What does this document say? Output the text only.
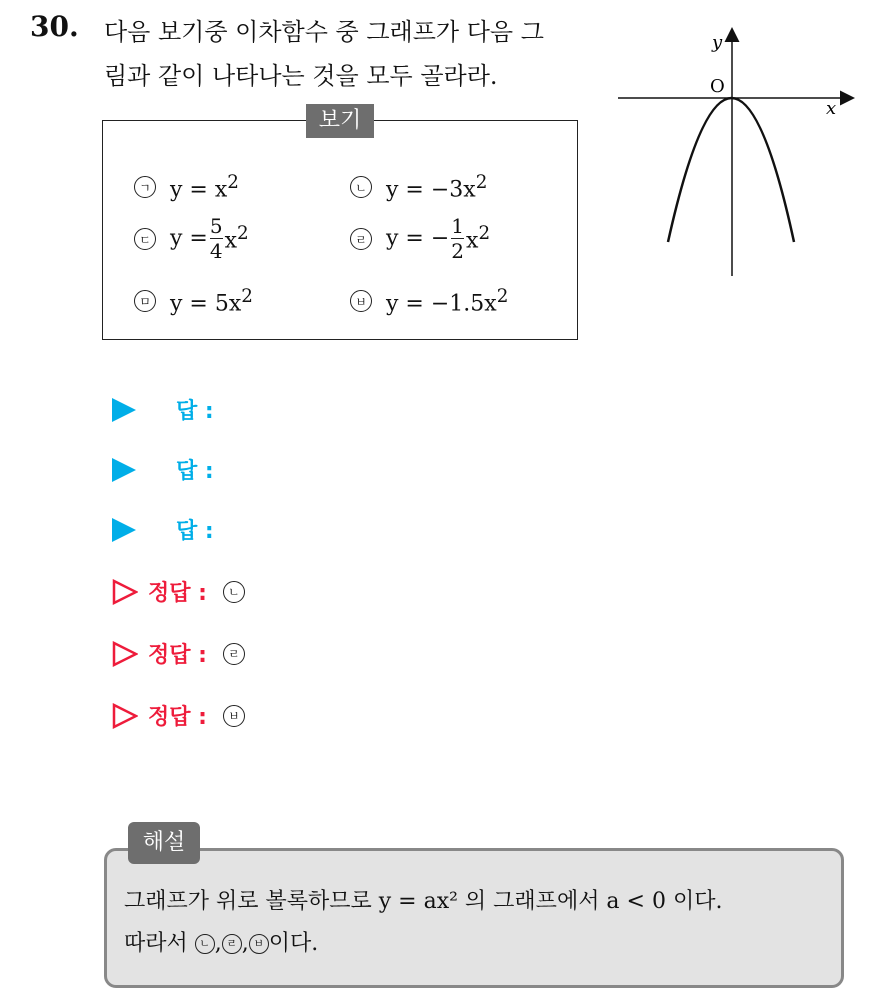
30. 다음 보기중 이차함수 중 그래프가 다음 그
림과 같이 나타나는 것을 모두 골라라.
보기
ㄱ $y = x^2$	ㄴ $y = -3x^2$
ㄷ $y = \frac{5}{4} x^2$	ㄹ y = − $\frac{1}{2} x^2$
ㅁ $y = 5x^2$	ㅂ $y = -1.5x^2$
y
x
O
답 :
답 :
답 :
정답 :	ㄴ
정답 :	ㄹ
정답 :	ㅂ
해설
그래프가 위로 볼록하므로 y = ax² 의 그래프에서 a < 0 이다.
따라서 ㄴ , ㄹ , ㅂ 이다.
